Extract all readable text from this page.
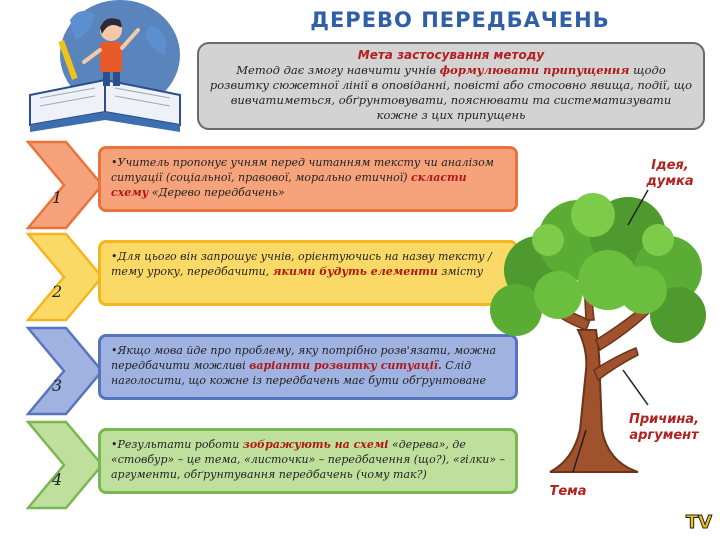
ДЕРЕВО ПЕРЕДБАЧЕНЬ
Мета застосування методу
Метод дає змогу навчити учнів формулювати припущення щодо розвитку сюжетної лінії в оповіданні, повісті або стосовно явища, події, що вивчатиметься, обґрунтовувати, пояснювати та систематизувати кожне з цих припущень
1
2
3
4
•Учитель пропонує учням перед читанням тексту чи аналізом ситуації (соціальної, правової, морально етичної) скласти схему «Дерево передбачень»
•Для цього він запрошує учнів, орієнтуючись на назву тексту / тему уроку, передбачити, якими будуть елементи змісту
•Якщо мова йде про проблему, яку потрібно розв'язати, можна передбачити можливі варіанти розвитку ситуації. Слід наголосити, що кожне із передбачень має бути обґрунтоване
•Результати роботи зображують на схемі «дерева», де «стовбур» – це тема, «листочки» – передбачення (що?), «гілки» – аргументи, обґрунтування передбачень (чому так?)
Ідея, думка
Причина, аргумент
Тема
TV
